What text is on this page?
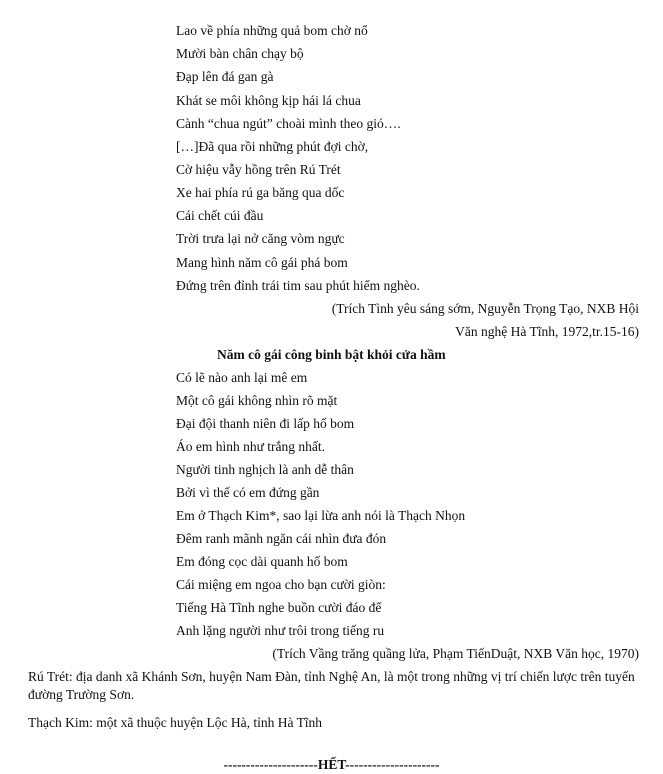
Lao về phía những quả bom chờ nổ
Mười bàn chân chạy bộ
Đạp lên đá gan gà
Khát se môi không kịp hái lá chua
Cành “chua ngút” choài mình theo gió….
[…]Đã qua rồi những phút đợi chờ,
Cờ hiệu vẫy hồng trên Rú Trét
Xe hai phía rú ga băng qua dốc
Cái chết cúi đầu
Trời trưa lại nở căng vòm ngực
Mang hình năm cô gái phá bom
Đứng trên đỉnh trái tim sau phút hiểm nghèo.
(Trích Tình yêu sáng sớm, Nguyễn Trọng Tạo, NXB Hội
Văn nghệ Hà Tĩnh, 1972,tr.15-16)
Năm cô gái công binh bật khỏi cửa hầm
Có lẽ nào anh lại mê em
Một cô gái không nhìn rõ mặt
Đại đội thanh niên đi lấp hố bom
Áo em hình như trắng nhất.
Người tinh nghịch là anh dễ thân
Bởi vì thế có em đứng gần
Em ở Thạch Kim*, sao lại lừa anh nói là Thạch Nhọn
Đêm ranh mãnh ngăn cái nhìn đưa đón
Em đóng cọc dài quanh hố bom
Cái miệng em ngoa cho bạn cười giòn:
Tiếng Hà Tĩnh nghe buồn cười đáo để
Anh lặng người như trôi trong tiếng ru
(Trích Vầng trăng quầng lửa, Phạm TiếnDuật, NXB Văn học, 1970)
Rú Trét: địa danh xã Khánh Sơn, huyện Nam Đàn, tỉnh Nghệ An, là một trong những vị trí chiến lược trên tuyến đường Trường Sơn.
Thạch Kim: một xã thuộc huyện Lộc Hà, tỉnh Hà Tĩnh
---------------------HẾT---------------------
